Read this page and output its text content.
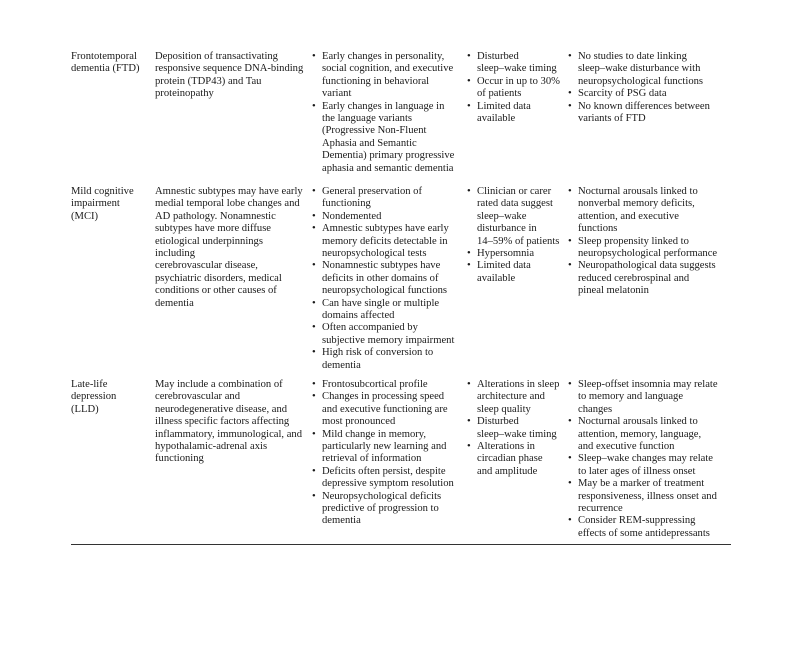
Frontotemporal
dementia (FTD)
Deposition of transactivating
responsive sequence DNA-binding
protein (TDP43) and Tau
proteinopathy
• Early changes in personality,
social cognition, and executive
functioning in behavioral
variant
• Early changes in language in
the language variants
(Progressive Non-Fluent
Aphasia and Semantic
Dementia) primary progressive
aphasia and semantic dementia
• Disturbed
sleep–wake timing
• Occur in up to 30%
of patients
• Limited data
available
• No studies to date linking
sleep–wake disturbance with
neuropsychological functions
• Scarcity of PSG data
• No known differences between
variants of FTD
Mild cognitive
impairment
(MCI)
Amnestic subtypes may have early
medial temporal lobe changes and
AD pathology. Nonamnestic
subtypes have more diffuse
etiological underpinnings including
cerebrovascular disease,
psychiatric disorders, medical
conditions or other causes of
dementia
• General preservation of
functioning
• Nondemented
• Amnestic subtypes have early
memory deficits detectable in
neuropsychological tests
• Nonamnestic subtypes have
deficits in other domains of
neuropsychological functions
• Can have single or multiple
domains affected
• Often accompanied by
subjective memory impairment
• High risk of conversion to
dementia
• Clinician or carer
rated data suggest
sleep–wake
disturbance in
14–59% of patients
• Hypersomnia
• Limited data
available
• Nocturnal arousals linked to
nonverbal memory deficits,
attention, and executive
functions
• Sleep propensity linked to
neuropsychological performance
• Neuropathological data suggests
reduced cerebrospinal and
pineal melatonin
Late-life
depression
(LLD)
May include a combination of
cerebrovascular and
neurodegenerative disease, and
illness specific factors affecting
inflammatory, immunological, and
hypothalamic-adrenal axis
functioning
• Frontosubcortical profile
• Changes in processing speed
and executive functioning are
most pronounced
• Mild change in memory,
particularly new learning and
retrieval of information
• Deficits often persist, despite
depressive symptom resolution
• Neuropsychological deficits
predictive of progression to
dementia
• Alterations in sleep
architecture and
sleep quality
• Disturbed
sleep–wake timing
• Alterations in
circadian phase
and amplitude
• Sleep-offset insomnia may relate
to memory and language
changes
• Nocturnal arousals linked to
attention, memory, language,
and executive function
• Sleep–wake changes may relate
to later ages of illness onset
• May be a marker of treatment
responsiveness, illness onset and
recurrence
• Consider REM-suppressing
effects of some antidepressants
